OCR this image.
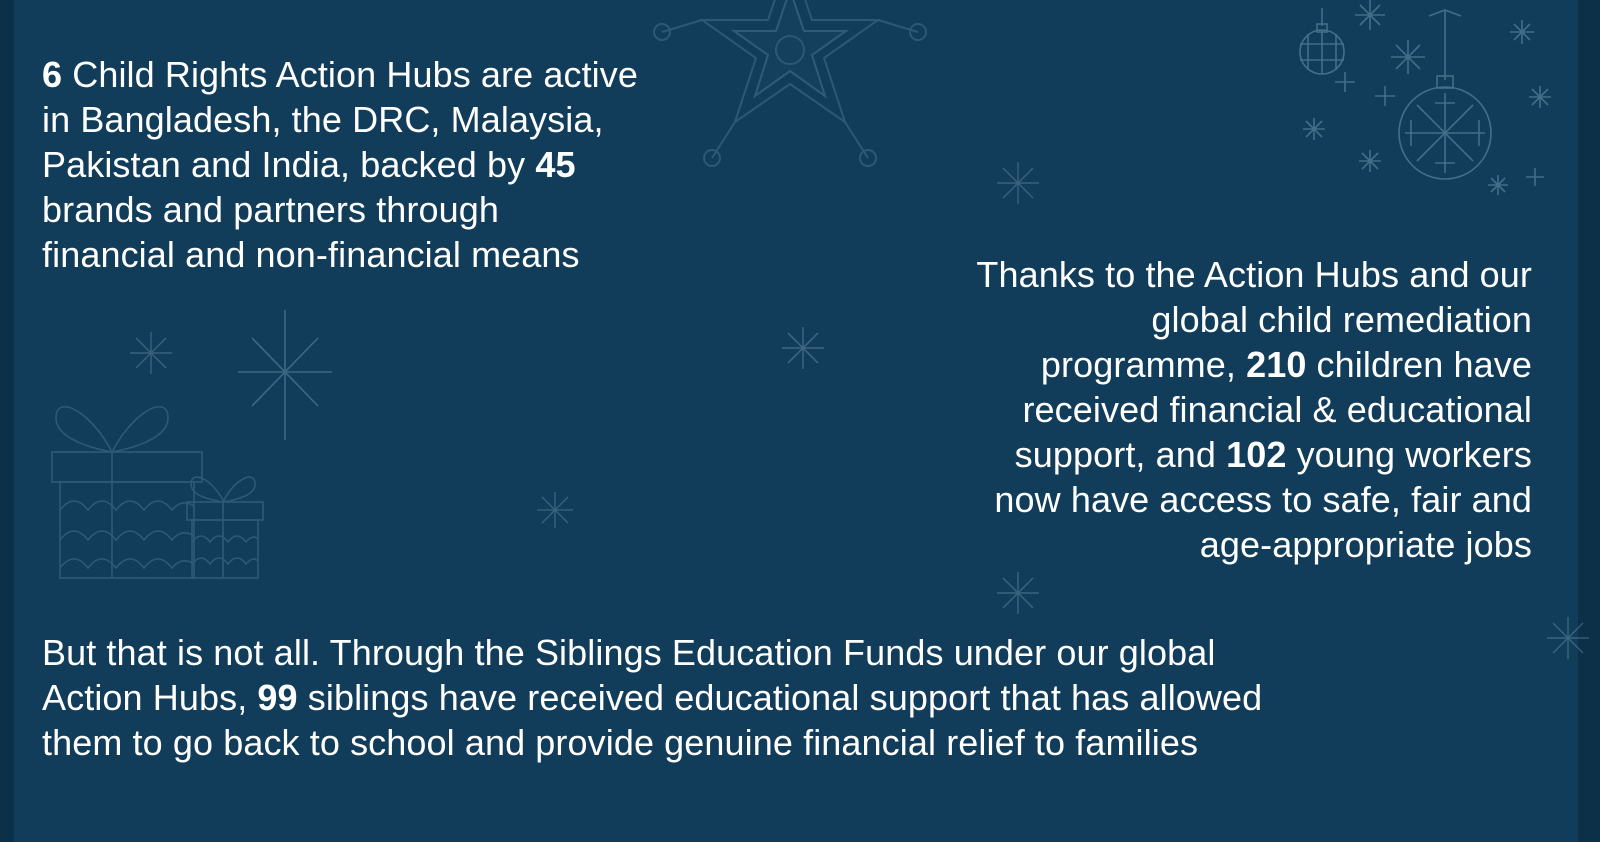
6 Child Rights Action Hubs are active
in Bangladesh, the DRC, Malaysia,
Pakistan and India, backed by 45
brands and partners through
financial and non-financial means	Thanks to the Action Hubs and our
global child remediation
programme, 210 children have
received financial & educational
support, and 102 young workers
now have access to safe, fair and
age-appropriate jobs
But that is not all. Through the Siblings Education Funds under our global
Action Hubs, 99 siblings have received educational support that has allowed
them to go back to school and provide genuine financial relief to families
